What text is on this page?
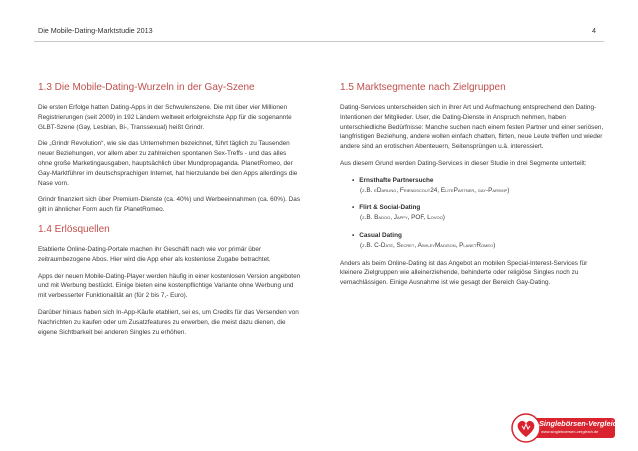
Die Mobile-Dating-Marktstudie 2013	4
1.3 Die Mobile-Dating-Wurzeln in der Gay-Szene

Die ersten Erfolge hatten Dating-Apps in der Schwulenszene. Die mit über vier Millionen Registrierungen (seit 2009) in 192 Ländern weltweit erfolgreichste App für die sogenannte GLBT-Szene (Gay, Lesbian, Bi-, Transsexual) heißt Grindr.

Die „Grindr Revolution“, wie sie das Unternehmen bezeichnet, führt täglich zu Tausenden neuer Beziehungen, vor allem aber zu zahlreichen spontanen Sex-Treffs - und das alles ohne große Marketingausgaben, hauptsächlich über Mundpropaganda. PlanetRomeo, der Gay-Marktführer im deutschsprachigen Internet, hat hierzulande bei den Apps allerdings die Nase vorn.

Grindr finanziert sich über Premium-Dienste (ca. 40%) und Werbeeinnahmen (ca. 60%). Das gilt in ähnlicher Form auch für PlanetRomeo.

1.4 Erlösquellen

Etablierte Online-Dating-Portale machen ihr Geschäft nach wie vor primär über zeitraumbezogene Abos. Hier wird die App eher als kostenlose Zugabe betrachtet.

Apps der neuen Mobile-Dating-Player werden häufig in einer kostenlosen Version angeboten und mit Werbung bestückt. Einige bieten eine kostenpflichtige Variante ohne Werbung und mit verbesserter Funktionalität an (für 2 bis 7,- Euro).

Darüber hinaus haben sich In-App-Käufe etabliert, sei es, um Credits für das Versenden von Nachrichten zu kaufen oder um Zusatzfeatures zu erwerben, die meist dazu dienen, die eigene Sichtbarkeit bei anderen Singles zu erhöhen.

1.5 Marktsegmente nach Zielgruppen

Dating-Services unterscheiden sich in ihrer Art und Aufmachung entsprechend den Dating-Intentionen der Mitglieder. User, die Dating-Dienste in Anspruch nehmen, haben unterschiedliche Bedürfnisse: Manche suchen nach einem festen Partner und einer seriösen, langfristigen Beziehung, andere wollen einfach chatten, flirten, neue Leute treffen und wieder andere sind an erotischen Abenteuern, Seitensprüngen u.ä. interessiert.

Aus diesem Grund werden Dating-Services in dieser Studie in drei Segmente unterteilt:

▪ Ernsthafte Partnersuche
(z.B. eDarling, Friendscout24, ElitePartner, gay-Parship)
▪ Flirt & Social-Dating
(z.B. Badoo, Jappy, POF, Lovoo)
▪ Casual Dating
(z.B. C-Date, Secret, AshleyMadison, PlanetRomeo)

Anders als beim Online-Dating ist das Angebot an mobilen Special-Interest-Services für kleinere Zielgruppen wie alleinerziehende, behinderte oder religiöse Singles noch zu vernachlässigen. Einige Ausnahme ist wie gesagt der Bereich Gay-Dating.

Singlebörsen-Vergleich
www.singleboersen-vergleich.de
